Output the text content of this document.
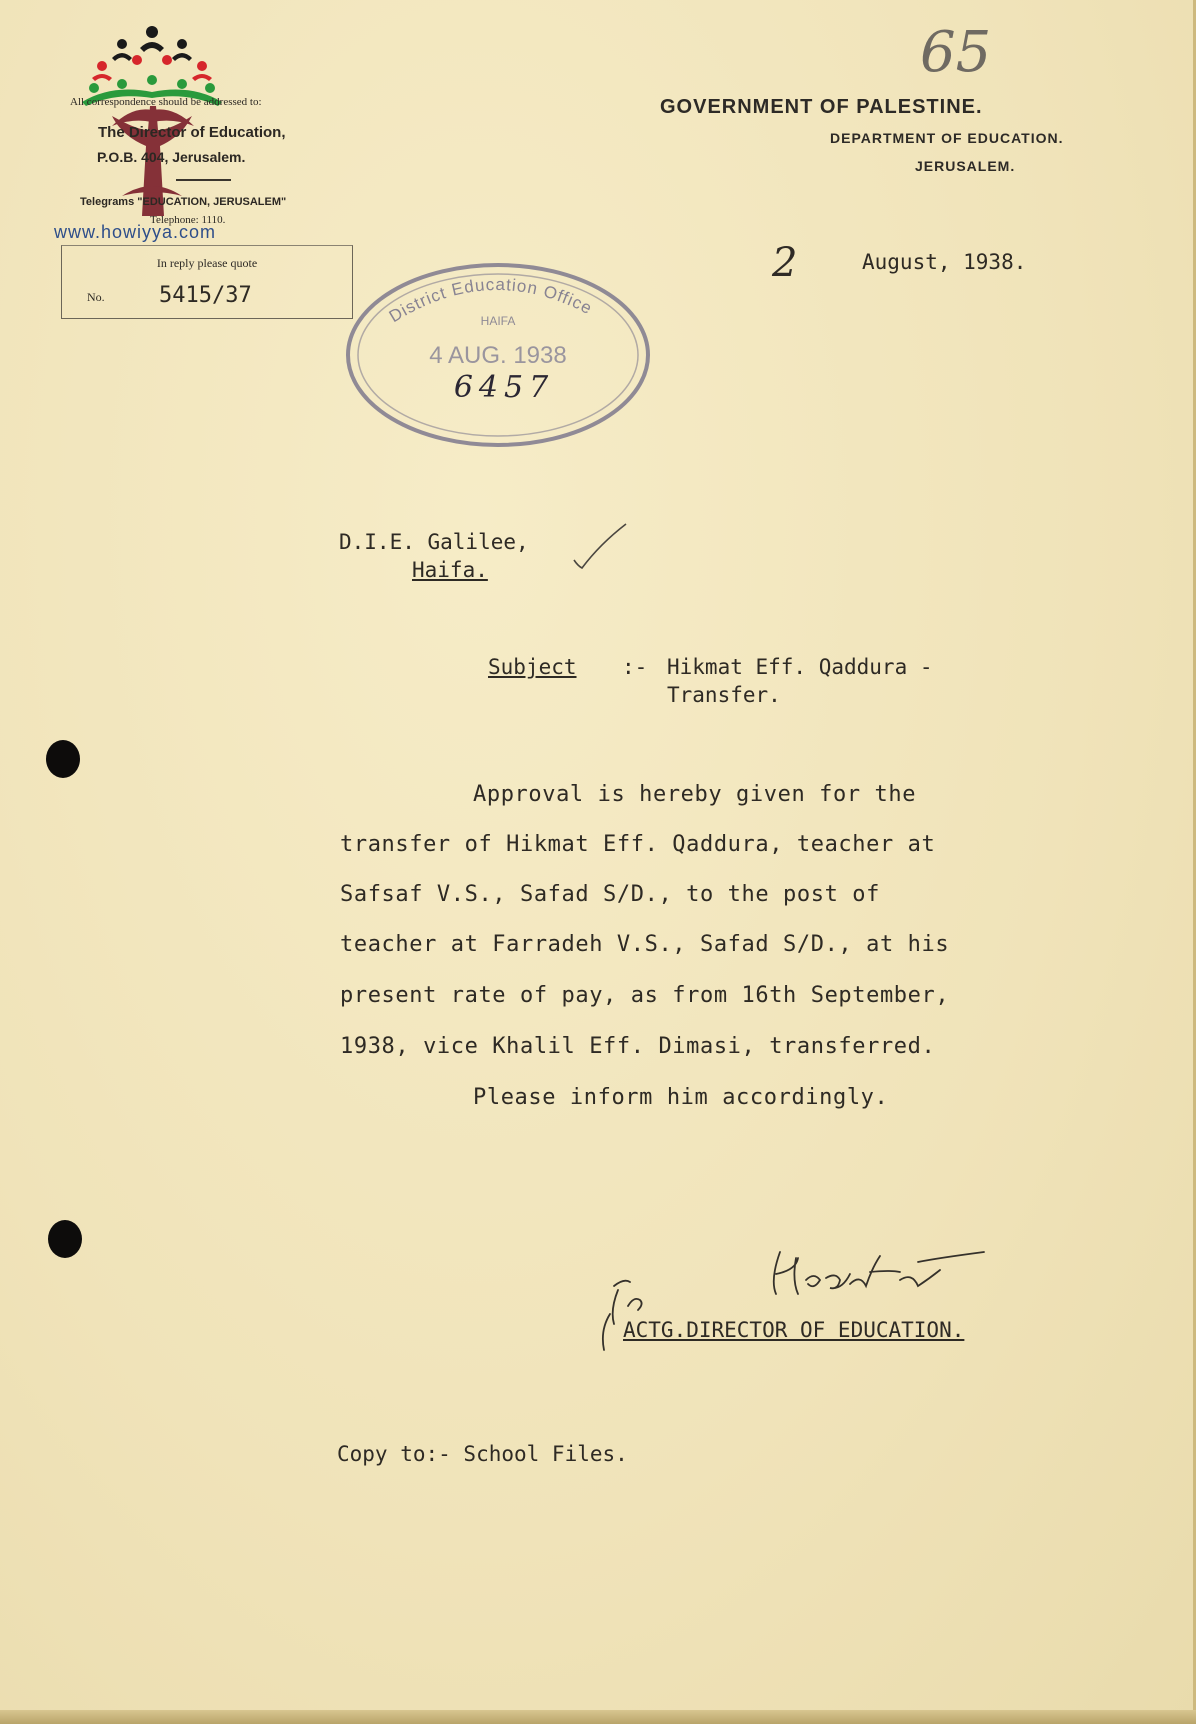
65
All correspondence should be addressed to:
The Director of Education,
P.O.B. 404, Jerusalem.
Telegrams "EDUCATION, JERUSALEM"
Telephone: 1110.
www.howiyya.com
GOVERNMENT OF PALESTINE.
DEPARTMENT OF EDUCATION.
JERUSALEM.
In reply please quote
No. 5415/37
District Education Office
HAIFA
4 AUG. 1938
6457
2	August, 1938.
D.I.E. Galilee,
Haifa.
Subject :- Hikmat Eff. Qaddura -
Transfer.
Approval is hereby given for the
transfer of Hikmat Eff. Qaddura, teacher at
Safsaf V.S., Safad S/D., to the post of
teacher at Farradeh V.S., Safad S/D., at his
present rate of pay, as from 16th September,
1938, vice Khalil Eff. Dimasi, transferred.
Please inform him accordingly.
ACTG.DIRECTOR OF EDUCATION.
Copy to:- School Files.
